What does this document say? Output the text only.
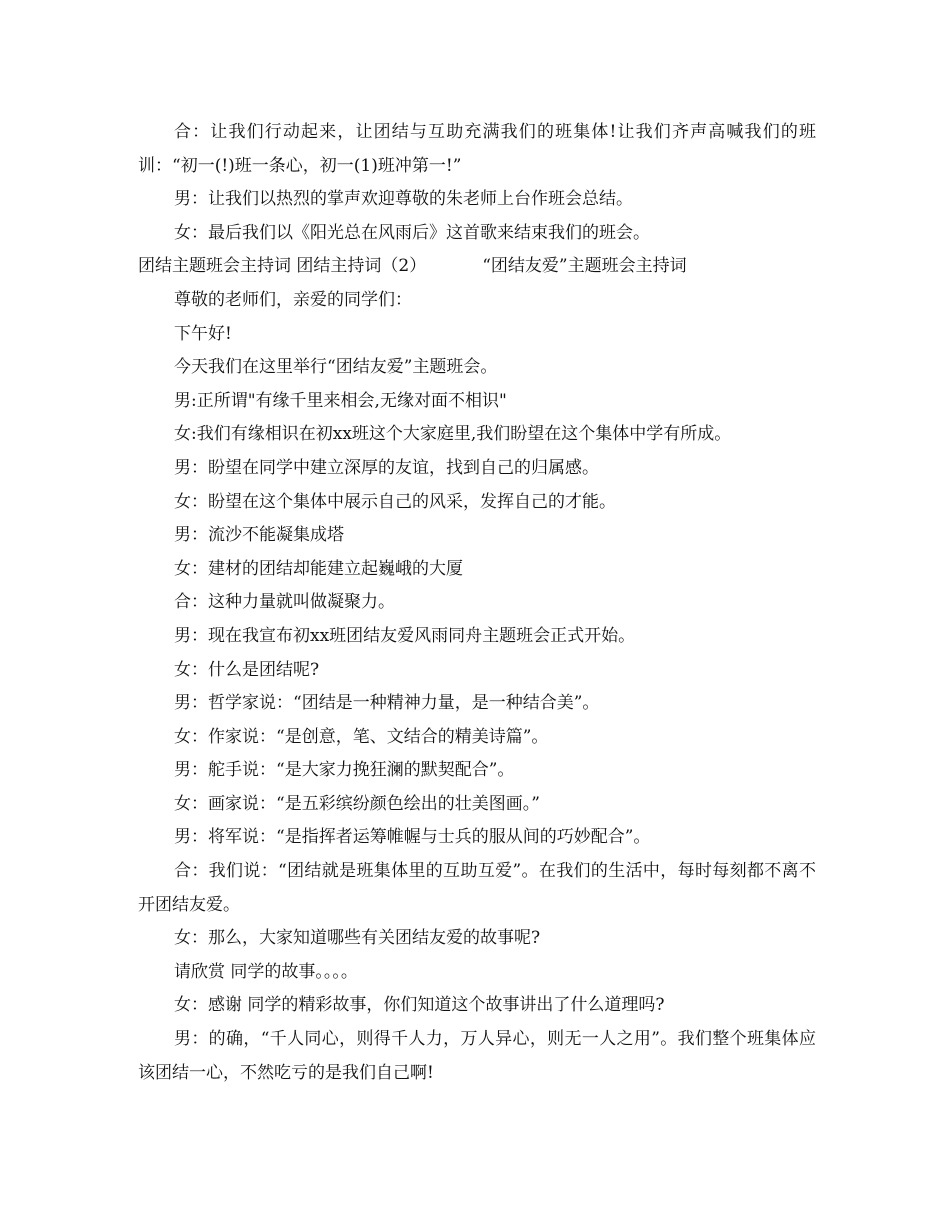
合：让我们行动起来，让团结与互助充满我们的班集体!让我们齐声高喊我们的班训：“初一(!)班一条心，初一(1)班冲第一!”

男：让我们以热烈的掌声欢迎尊敬的朱老师上台作班会总结。

女：最后我们以《阳光总在风雨后》这首歌来结束我们的班会。

团结主题班会主持词 团结主持词（2）	“团结友爱”主题班会主持词

尊敬的老师们，亲爱的同学们：

下午好!

今天我们在这里举行“团结友爱”主题班会。

男:正所谓"有缘千里来相会,无缘对面不相识"

女:我们有缘相识在初xx班这个大家庭里,我们盼望在这个集体中学有所成。

男：盼望在同学中建立深厚的友谊，找到自己的归属感。

女：盼望在这个集体中展示自己的风采，发挥自己的才能。

男：流沙不能凝集成塔

女：建材的团结却能建立起巍峨的大厦

合：这种力量就叫做凝聚力。

男：现在我宣布初xx班团结友爱风雨同舟主题班会正式开始。

女：什么是团结呢?

男：哲学家说：“团结是一种精神力量，是一种结合美”。

女：作家说：“是创意，笔、文结合的精美诗篇”。

男：舵手说：“是大家力挽狂澜的默契配合”。

女：画家说：“是五彩缤纷颜色绘出的壮美图画。”

男：将军说：“是指挥者运筹帷幄与士兵的服从间的巧妙配合”。

合：我们说：“团结就是班集体里的互助互爱”。在我们的生活中，每时每刻都不离不开团结友爱。

女：那么，大家知道哪些有关团结友爱的故事呢?

请欣赏 同学的故事。。。。

女：感谢 同学的精彩故事，你们知道这个故事讲出了什么道理吗?

男：的确，“千人同心，则得千人力，万人异心，则无一人之用”。我们整个班集体应该团结一心，不然吃亏的是我们自己啊!
